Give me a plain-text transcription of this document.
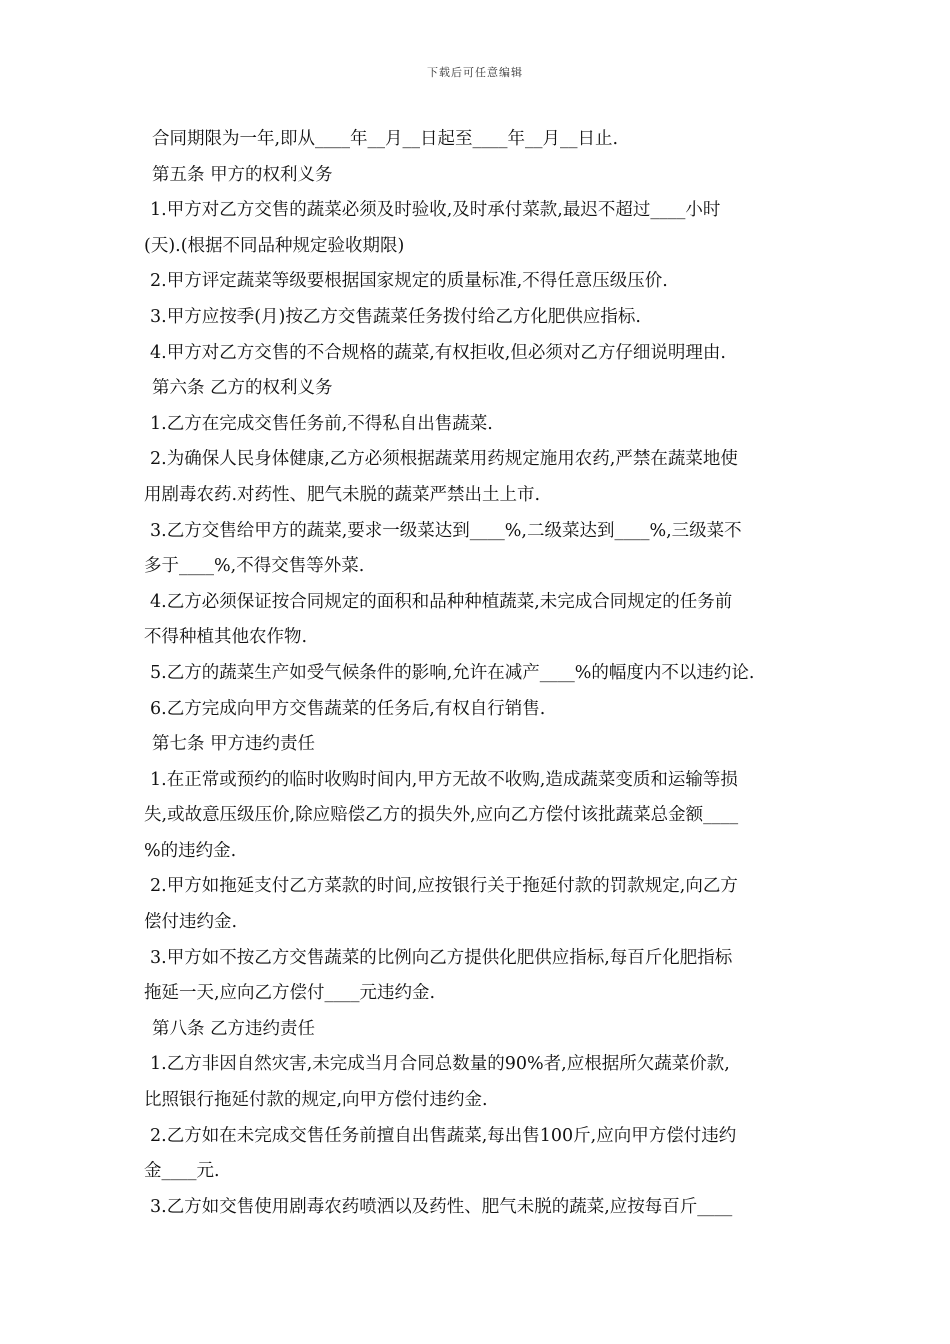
下载后可任意编辑
合同期限为一年,即从____年__月__日起至____年__月__日止.
第五条 甲方的权利义务
1.甲方对乙方交售的蔬菜必须及时验收,及时承付菜款,最迟不超过____小时
(天).(根据不同品种规定验收期限)
2.甲方评定蔬菜等级要根据国家规定的质量标准,不得任意压级压价.
3.甲方应按季(月)按乙方交售蔬菜任务拨付给乙方化肥供应指标.
4.甲方对乙方交售的不合规格的蔬菜,有权拒收,但必须对乙方仔细说明理由.
第六条 乙方的权利义务
1.乙方在完成交售任务前,不得私自出售蔬菜.
2.为确保人民身体健康,乙方必须根据蔬菜用药规定施用农药,严禁在蔬菜地使
用剧毒农药.对药性、肥气未脱的蔬菜严禁出土上市.
3.乙方交售给甲方的蔬菜,要求一级菜达到____%,二级菜达到____%,三级菜不
多于____%,不得交售等外菜.
4.乙方必须保证按合同规定的面积和品种种植蔬菜,未完成合同规定的任务前
不得种植其他农作物.
5.乙方的蔬菜生产如受气候条件的影响,允许在减产____%的幅度内不以违约论.
6.乙方完成向甲方交售蔬菜的任务后,有权自行销售.
第七条 甲方违约责任
1.在正常或预约的临时收购时间内,甲方无故不收购,造成蔬菜变质和运输等损
失,或故意压级压价,除应赔偿乙方的损失外,应向乙方偿付该批蔬菜总金额____
%的违约金.
2.甲方如拖延支付乙方菜款的时间,应按银行关于拖延付款的罚款规定,向乙方
偿付违约金.
3.甲方如不按乙方交售蔬菜的比例向乙方提供化肥供应指标,每百斤化肥指标
拖延一天,应向乙方偿付____元违约金.
第八条 乙方违约责任
1.乙方非因自然灾害,未完成当月合同总数量的90%者,应根据所欠蔬菜价款,
比照银行拖延付款的规定,向甲方偿付违约金.
2.乙方如在未完成交售任务前擅自出售蔬菜,每出售100斤,应向甲方偿付违约
金____元.
3.乙方如交售使用剧毒农药喷洒以及药性、肥气未脱的蔬菜,应按每百斤____
